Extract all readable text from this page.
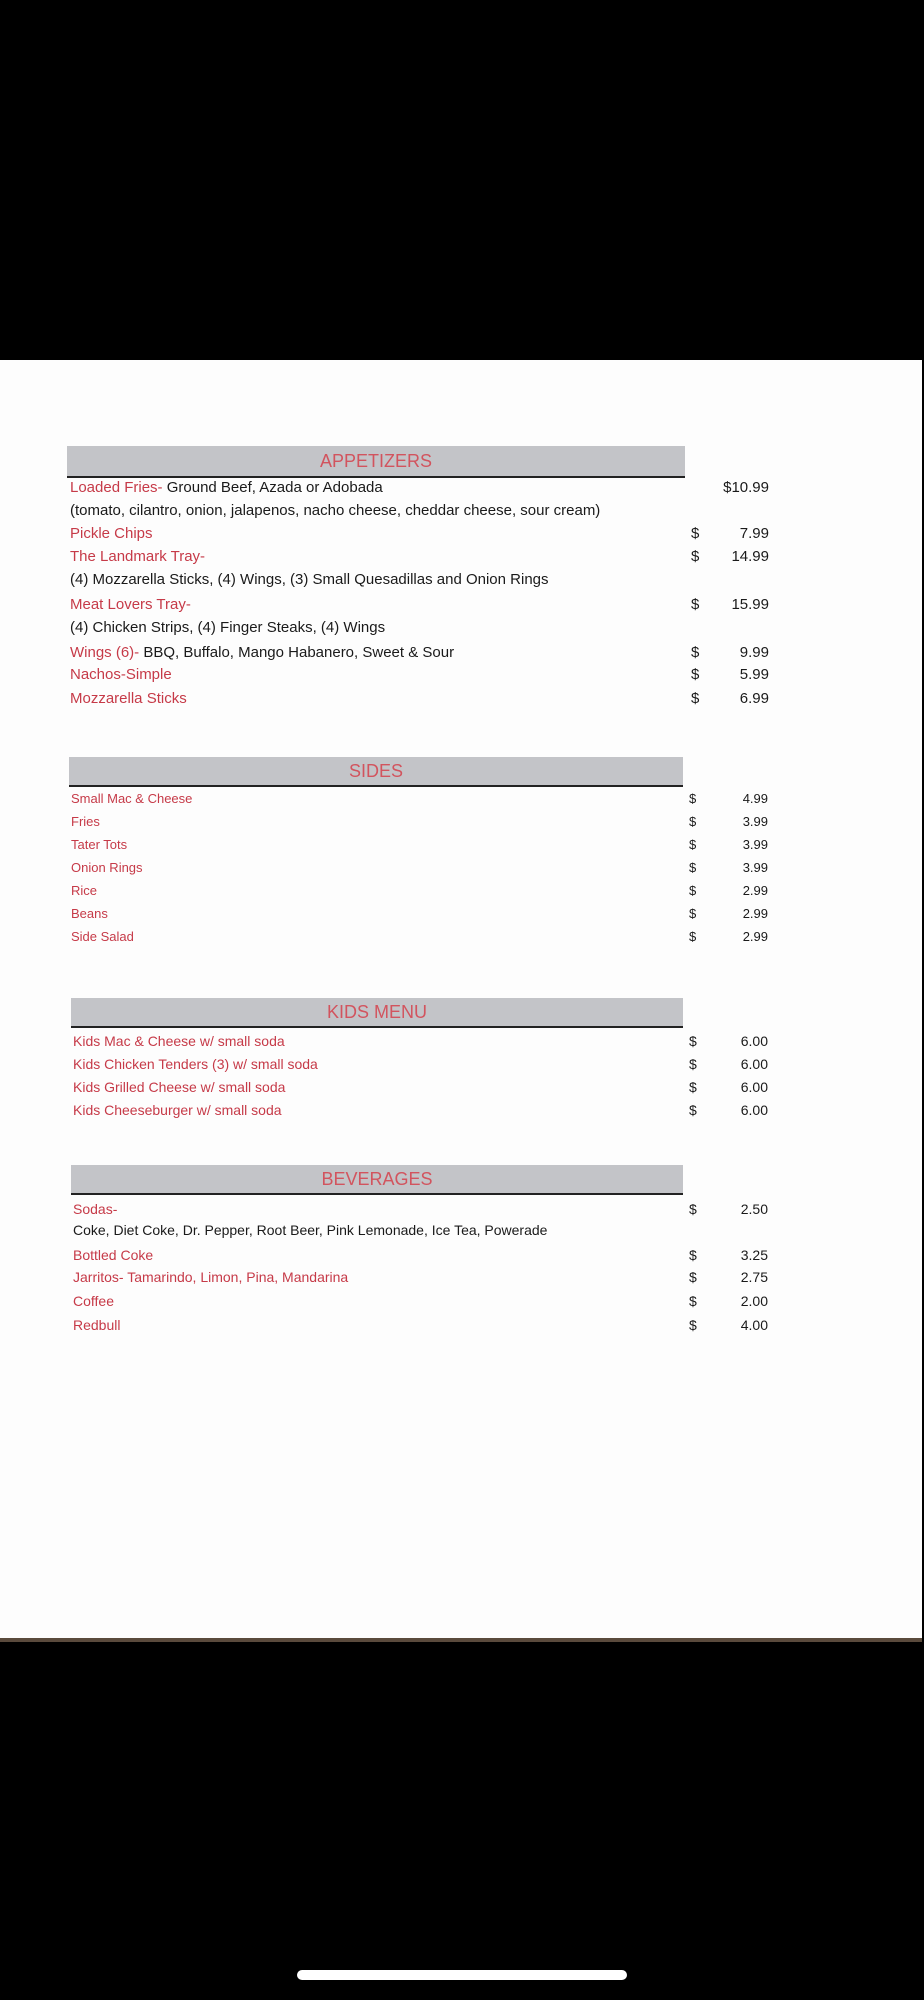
APPETIZERS
Loaded Fries- Ground Beef, Azada or Adobada	$10.99
(tomato, cilantro, onion, jalapenos, nacho cheese, cheddar cheese, sour cream)
Pickle Chips	$	7.99
The Landmark Tray-	$	14.99
(4) Mozzarella Sticks, (4) Wings, (3) Small Quesadillas and Onion Rings
Meat Lovers Tray-	$	15.99
(4) Chicken Strips, (4) Finger Steaks, (4) Wings
Wings (6)- BBQ, Buffalo, Mango Habanero, Sweet & Sour	$	9.99
Nachos-Simple	$	5.99
Mozzarella Sticks	$	6.99
SIDES
Small Mac & Cheese	$	4.99
Fries	$	3.99
Tater Tots	$	3.99
Onion Rings	$	3.99
Rice	$	2.99
Beans	$	2.99
Side Salad	$	2.99
KIDS MENU
Kids Mac & Cheese w/ small soda	$	6.00
Kids Chicken Tenders (3) w/ small soda	$	6.00
Kids Grilled Cheese w/ small soda	$	6.00
Kids Cheeseburger w/ small soda	$	6.00
BEVERAGES
Sodas-	$	2.50
Coke, Diet Coke, Dr. Pepper, Root Beer, Pink Lemonade, Ice Tea, Powerade
Bottled Coke	$	3.25
Jarritos- Tamarindo, Limon, Pina, Mandarina	$	2.75
Coffee	$	2.00
Redbull	$	4.00
